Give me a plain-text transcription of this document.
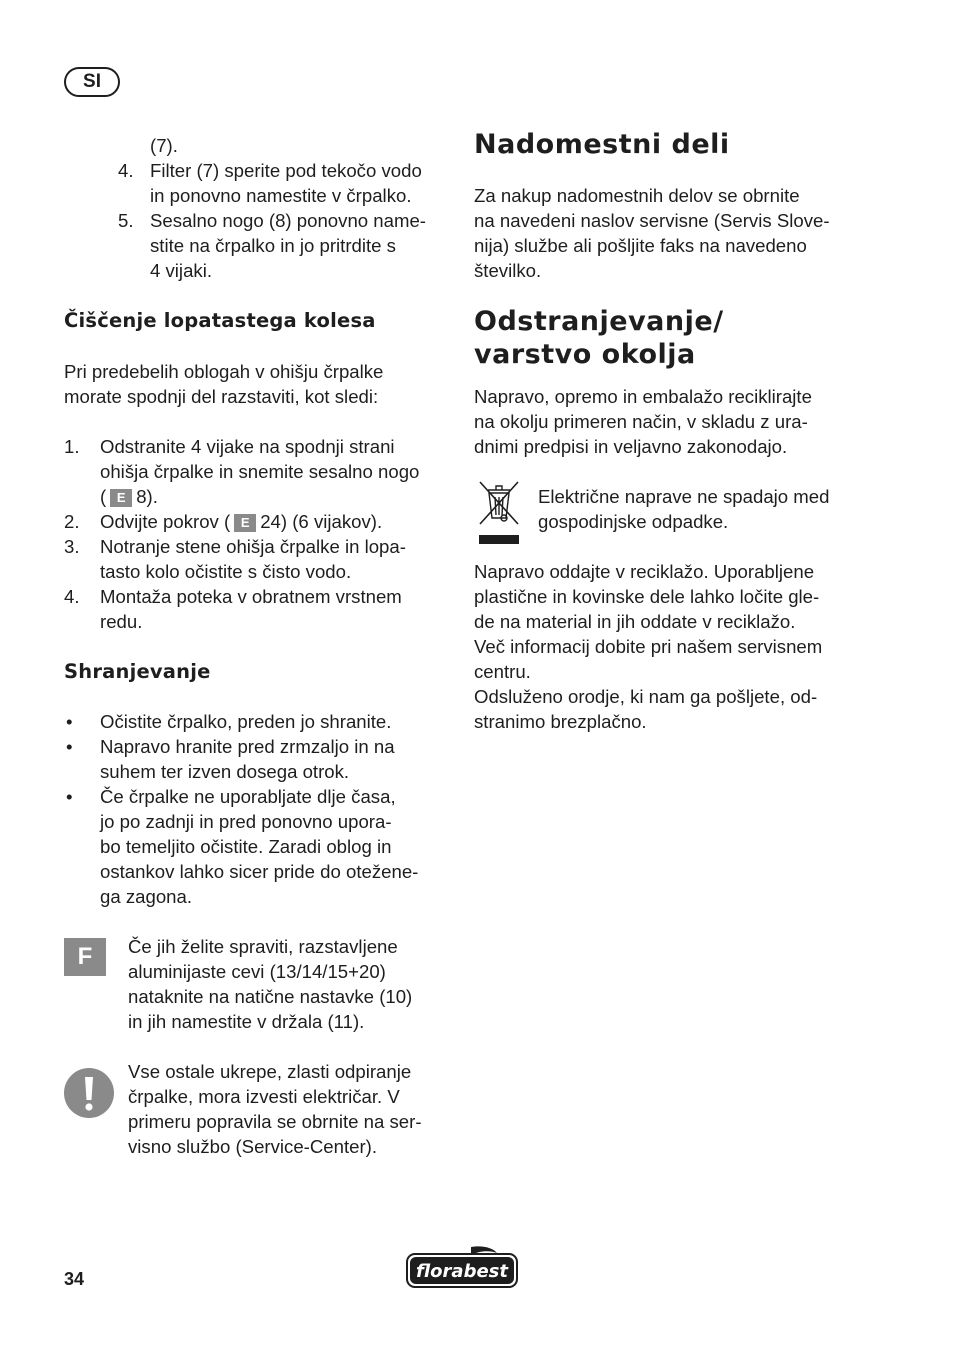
SI

(7).

4. Filter (7) sperite pod tekočo vodo
in ponovno namestite v črpalko.
5. Sesalno nogo (8) ponovno name-
stite na črpalko in jo pritrdite s
4 vijaki.
Čiščenje lopatastega kolesa
Pri predebelih oblogah v ohišju črpalke
morate spodnji del razstaviti, kot sledi:
1. Odstranite 4 vijake na spodnji strani
ohišja črpalke in snemite sesalno nogo
( E 8).
2. Odvijte pokrov ( E 24) (6 vijakov).
3. Notranje stene ohišja črpalke in lopa-
tasto kolo očistite s čisto vodo.
4. Montaža poteka v obratnem vrstnem
redu.
Shranjevanje
• Očistite črpalko, preden jo shranite.
• Napravo hranite pred zrmzaljo in na
suhem ter izven dosega otrok.
• Če črpalke ne uporabljate dlje časa,
jo po zadnji in pred ponovno upora-
bo temeljito očistite. Zaradi oblog in
ostankov lahko sicer pride do otežene-
ga zagona.
F	Če jih želite spraviti, razstavljene
aluminijaste cevi (13/14/15+20)
nataknite na natične nastavke (10)
in jih namestite v držala (11).
Vse ostale ukrepe, zlasti odpiranje
črpalke, mora izvesti električar. V
primeru popravila se obrnite na ser-
visno službo (Service-Center).
Nadomestni deli
Za nakup nadomestnih delov se obrnite
na navedeni naslov servisne (Servis Slove-
nija) službe ali pošljite faks na navedeno
številko.
Odstranjevanje/
varstvo okolja
Napravo, opremo in embalažo reciklirajte
na okolju primeren način, v skladu z ura-
dnimi predpisi in veljavno zakonodajo.
Električne naprave ne spadajo med
gospodinjske odpadke.
Napravo oddajte v reciklažo. Uporabljene
plastične in kovinske dele lahko ločite gle-
de na material in jih oddate v reciklažo.
Več informacij dobite pri našem servisnem
centru.
Odsluženo orodje, ki nam ga pošljete, od-
stranimo brezplačno.
34	florabest
